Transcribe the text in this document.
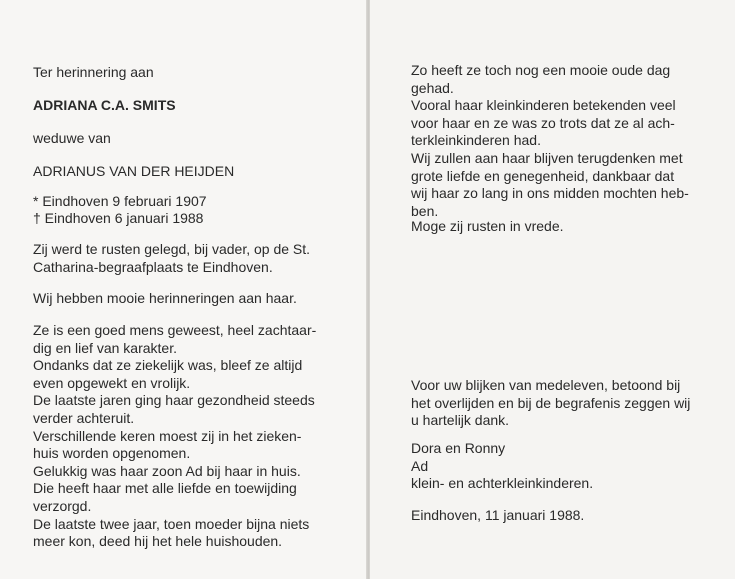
Ter herinnering aan
ADRIANA C.A. SMITS
weduwe van
ADRIANUS VAN DER HEIJDEN
* Eindhoven 9 februari 1907
† Eindhoven 6 januari 1988
Zij werd te rusten gelegd, bij vader, op de St.
Catharina-begraafplaats te Eindhoven.
Wij hebben mooie herinneringen aan haar.
Ze is een goed mens geweest, heel zachtaar-
dig en lief van karakter.
Ondanks dat ze ziekelijk was, bleef ze altijd
even opgewekt en vrolijk.
De laatste jaren ging haar gezondheid steeds
verder achteruit.
Verschillende keren moest zij in het zieken-
huis worden opgenomen.
Gelukkig was haar zoon Ad bij haar in huis.
Die heeft haar met alle liefde en toewijding
verzorgd.
De laatste twee jaar, toen moeder bijna niets
meer kon, deed hij het hele huishouden.
Zo heeft ze toch nog een mooie oude dag
gehad.
Vooral haar kleinkinderen betekenden veel
voor haar en ze was zo trots dat ze al ach-
terkleinkinderen had.
Wij zullen aan haar blijven terugdenken met
grote liefde en genegenheid, dankbaar dat
wij haar zo lang in ons midden mochten heb-
ben.
Moge zij rusten in vrede.
Voor uw blijken van medeleven, betoond bij
het overlijden en bij de begrafenis zeggen wij
u hartelijk dank.
Dora en Ronny
Ad
klein- en achterkleinkinderen.
Eindhoven, 11 januari 1988.
